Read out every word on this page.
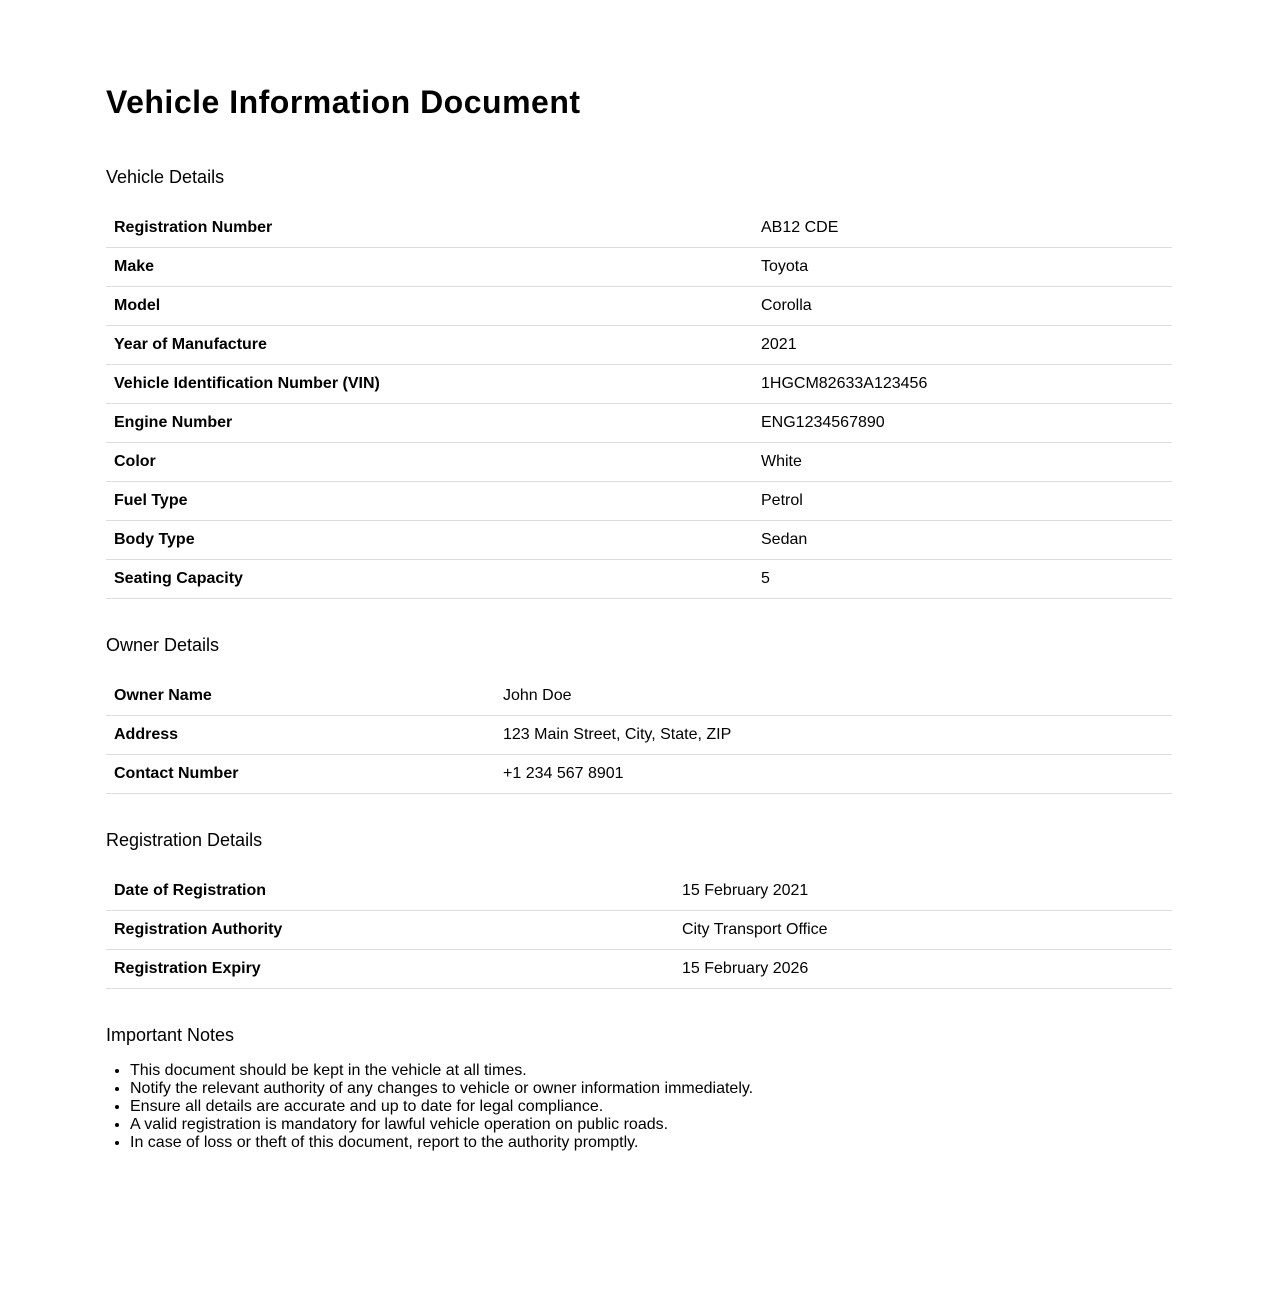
Vehicle Information Document
Vehicle Details
Registration Number	AB12 CDE
Make	Toyota
Model	Corolla
Year of Manufacture	2021
Vehicle Identification Number (VIN)	1HGCM82633A123456
Engine Number	ENG1234567890
Color	White
Fuel Type	Petrol
Body Type	Sedan
Seating Capacity	5
Owner Details
Owner Name	John Doe
Address	123 Main Street, City, State, ZIP
Contact Number	+1 234 567 8901
Registration Details
Date of Registration	15 February 2021
Registration Authority	City Transport Office
Registration Expiry	15 February 2026
Important Notes
• This document should be kept in the vehicle at all times.
• Notify the relevant authority of any changes to vehicle or owner information immediately.
• Ensure all details are accurate and up to date for legal compliance.
• A valid registration is mandatory for lawful vehicle operation on public roads.
• In case of loss or theft of this document, report to the authority promptly.
